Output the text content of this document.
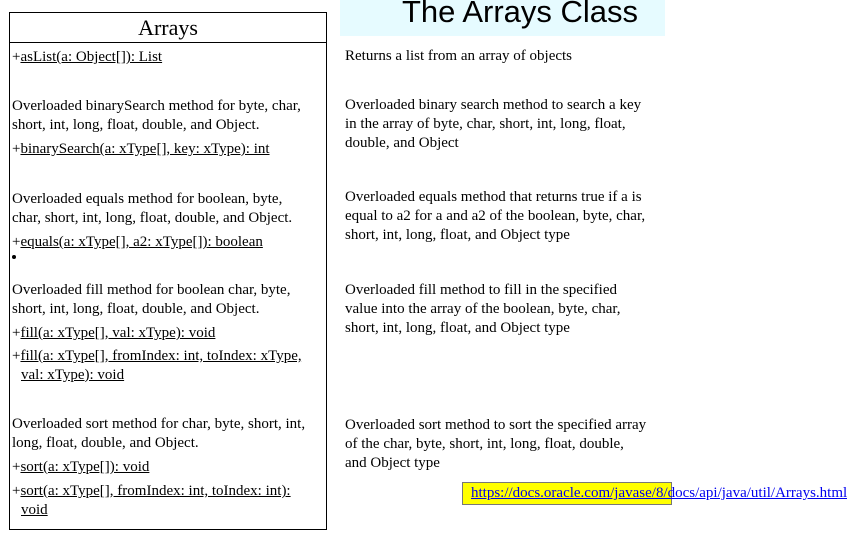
The Arrays Class
Arrays
+asList(a: Object[]): List
Overloaded binarySearch method for byte, char,
short, int, long, float, double, and Object.
+binarySearch(a: xType[], key: xType): int
Overloaded equals method for boolean, byte,
char, short, int, long, float, double, and Object.
+equals(a: xType[], a2: xType[]): boolean
Overloaded fill method for boolean char, byte,
short, int, long, float, double, and Object.
+fill(a: xType[], val: xType): void
+fill(a: xType[], fromIndex: int, toIndex: xType,
val: xType): void
Overloaded sort method for char, byte, short, int,
long, float, double, and Object.
+sort(a: xType[]): void
+sort(a: xType[], fromIndex: int, toIndex: int):
void
Returns a list from an array of objects
Overloaded binary search method to search a key
in the array of byte, char, short, int, long, float,
double, and Object
Overloaded equals method that returns true if a is
equal to a2 for a and a2 of the boolean, byte, char,
short, int, long, float, and Object type
Overloaded fill method to fill in the specified
value into the array of the boolean, byte, char,
short, int, long, float, and Object type
Overloaded sort method to sort the specified array
of the char, byte, short, int, long, float, double,
and Object type
https://docs.oracle.com/javase/8/docs/api/java/util/Arrays.html
